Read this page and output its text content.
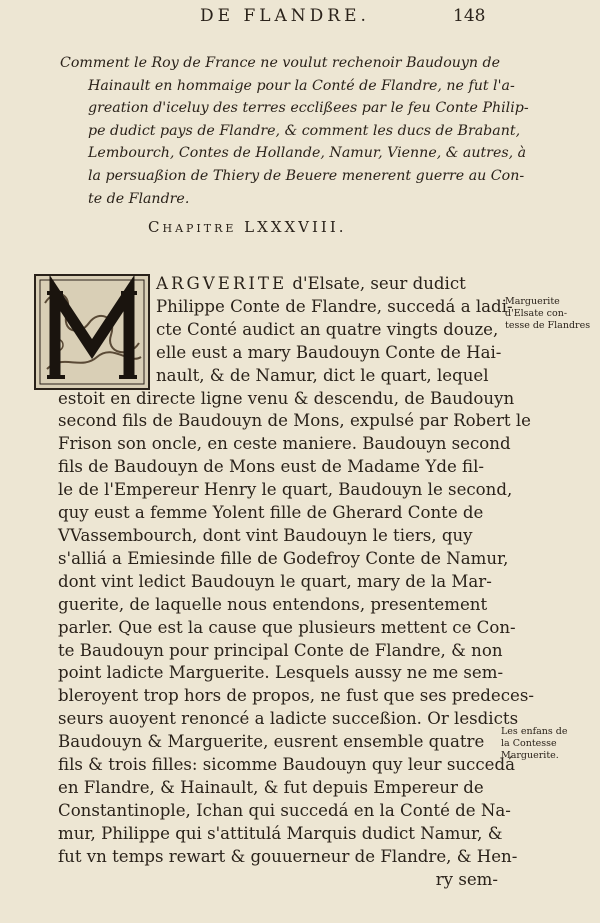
DE FLANDRE.	148
Comment le Roy de France ne voulut rechenoir Baudouyn de
Hainault en hommaige pour la Conté de Flandre, ne fut l'a-
greation d'iceluy des terres ecclißees par le feu Conte Philip-
pe dudict pays de Flandre, & comment les ducs de Brabant,
Lembourch, Contes de Hollande, Namur, Vienne, & autres, à
la persuaßion de Thiery de Beuere menerent guerre au Con-
te de Flandre.
Chapitre LXXXVIII.
ARGVERITE d'Elsate, seur dudict
Philippe Conte de Flandre, succedá a ladi-
cte Conté audict an quatre vingts douze,
elle eust a mary Baudouyn Conte de Hai-
nault, & de Namur, dict le quart, lequel
estoit en directe ligne venu & descendu, de Baudouyn
second fils de Baudouyn de Mons, expulsé par Robert le
Frison son oncle, en ceste maniere. Baudouyn second
fils de Baudouyn de Mons eust de Madame Yde fil-
le de l'Empereur Henry le quart, Baudouyn le second,
quy eust a femme Yolent fille de Gherard Conte de
VVassembourch, dont vint Baudouyn le tiers, quy
s'alliá a Emiesinde fille de Godefroy Conte de Namur,
dont vint ledict Baudouyn le quart, mary de la Mar-
guerite, de laquelle nous entendons, presentement
parler. Que est la cause que plusieurs mettent ce Con-
te Baudouyn pour principal Conte de Flandre, & non
point ladicte Marguerite. Lesquels aussy ne me sem-
bleroyent trop hors de propos, ne fust que ses predeces-
seurs auoyent renoncé a ladicte succeßion. Or lesdicts
Baudouyn & Marguerite, eusrent ensemble quatre
fils & trois filles: sicomme Baudouyn quy leur succedá
en Flandre, & Hainault, & fut depuis Empereur de
Constantinople, Ichan qui succedá en la Conté de Na-
mur, Philippe qui s'attitulá Marquis dudict Namur, &
fut vn temps rewart & gouuerneur de Flandre, & Hen-
ry sem-
Marguerite
d'Elsate con-
tesse de Flandres
Les enfans de
la Contesse
Marguerite.
